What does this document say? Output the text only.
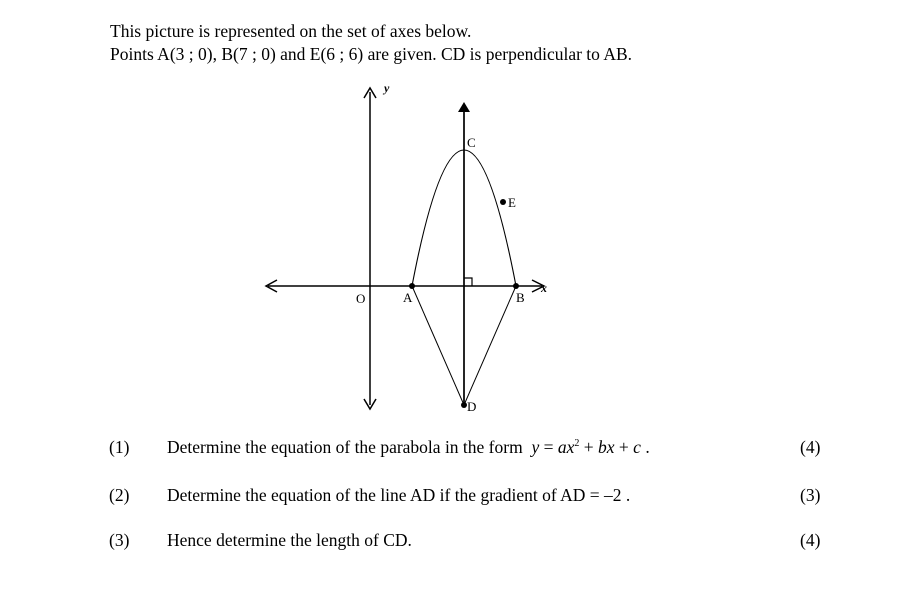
This picture is represented on the set of axes below.
Points A(3 ; 0), B(7 ; 0) and E(6 ; 6) are given. CD is perpendicular to AB.
y
x
O	A	B
C
D
E
(1) Determine the equation of the parabola in the form $y = ax^2$ + bx + c .	(4)
(2) Determine the equation of the line AD if the gradient of AD = –2 .	(3)
(3) Hence determine the length of CD.	(4)
